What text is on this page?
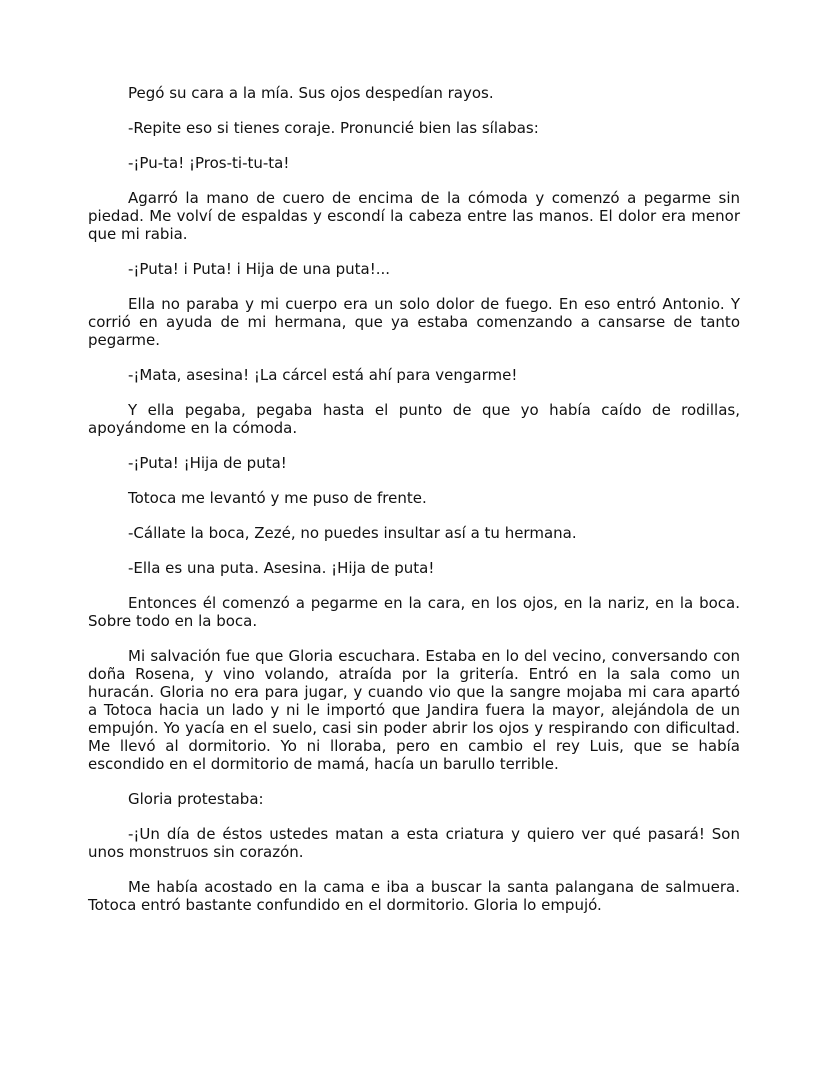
Pegó su cara a la mía. Sus ojos despedían rayos.

-Repite eso si tienes coraje. Pronuncié bien las sílabas:

-¡Pu-ta! ¡Pros-ti-tu-ta!

Agarró la mano de cuero de encima de la cómoda y comenzó a pegarme sin piedad. Me volví de espaldas y escondí la cabeza entre las manos. El dolor era menor que mi rabia.

-¡Puta! i Puta! i Hija de una puta!...

Ella no paraba y mi cuerpo era un solo dolor de fuego. En eso entró Antonio. Y corrió en ayuda de mi hermana, que ya estaba comenzando a cansarse de tanto pegarme.

-¡Mata, asesina! ¡La cárcel está ahí para vengarme!

Y ella pegaba, pegaba hasta el punto de que yo había caído de rodillas, apoyándome en la cómoda.

-¡Puta! ¡Hija de puta!

Totoca me levantó y me puso de frente.

-Cállate la boca, Zezé, no puedes insultar así a tu hermana.

-Ella es una puta. Asesina. ¡Hija de puta!

Entonces él comenzó a pegarme en la cara, en los ojos, en la nariz, en la boca. Sobre todo en la boca.

Mi salvación fue que Gloria escuchara. Estaba en lo del vecino, conversando con doña Rosena, y vino volando, atraída por la gritería. Entró en la sala como un huracán. Gloria no era para jugar, y cuando vio que la sangre mojaba mi cara apartó a Totoca hacia un lado y ni le importó que Jandira fuera la mayor, alejándola de un empujón. Yo yacía en el suelo, casi sin poder abrir los ojos y respirando con dificultad. Me llevó al dormitorio. Yo ni lloraba, pero en cambio el rey Luis, que se había escondido en el dormitorio de mamá, hacía un barullo terrible.

Gloria protestaba:

-¡Un día de éstos ustedes matan a esta criatura y quiero ver qué pasará! Son unos monstruos sin corazón.

Me había acostado en la cama e iba a buscar la santa palangana de salmuera. Totoca entró bastante confundido en el dormitorio. Gloria lo empujó.
